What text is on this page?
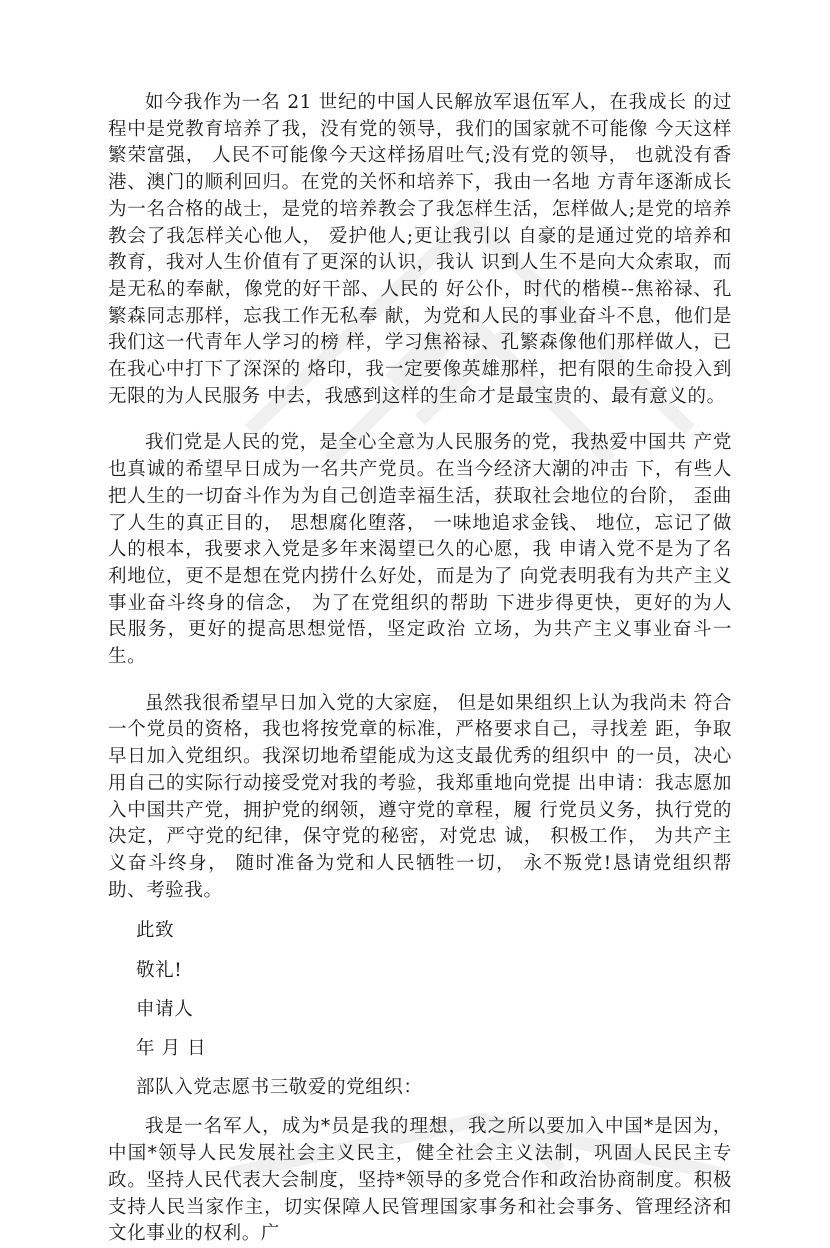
如今我作为一名 21 世纪的中国人民解放军退伍军人，在我成长 的过程中是党教育培养了我，没有党的领导，我们的国家就不可能像 今天这样繁荣富强， 人民不可能像今天这样扬眉吐气;没有党的领导， 也就没有香港、澳门的顺利回归。在党的关怀和培养下，我由一名地 方青年逐渐成长为一名合格的战士，是党的培养教会了我怎样生活，怎样做人;是党的培养教会了我怎样关心他人， 爱护他人;更让我引以 自豪的是通过党的培养和教育，我对人生价值有了更深的认识，我认 识到人生不是向大众索取，而是无私的奉献，像党的好干部、人民的 好公仆，时代的楷模--焦裕禄、孔繁森同志那样，忘我工作无私奉 献，为党和人民的事业奋斗不息，他们是我们这一代青年人学习的榜 样，学习焦裕禄、孔繁森像他们那样做人，已在我心中打下了深深的 烙印，我一定要像英雄那样，把有限的生命投入到无限的为人民服务 中去，我感到这样的生命才是最宝贵的、最有意义的。

我们党是人民的党，是全心全意为人民服务的党，我热爱中国共 产党也真诚的希望早日成为一名共产党员。在当今经济大潮的冲击 下，有些人把人生的一切奋斗作为为自己创造幸福生活，获取社会地位的台阶， 歪曲了人生的真正目的， 思想腐化堕落， 一味地追求金钱、 地位，忘记了做人的根本，我要求入党是多年来渴望已久的心愿，我 申请入党不是为了名利地位，更不是想在党内捞什么好处，而是为了 向党表明我有为共产主义事业奋斗终身的信念， 为了在党组织的帮助 下进步得更快，更好的为人民服务，更好的提高思想觉悟，坚定政治 立场，为共产主义事业奋斗一生。

虽然我很希望早日加入党的大家庭， 但是如果组织上认为我尚未 符合一个党员的资格，我也将按党章的标准，严格要求自己，寻找差 距，争取早日加入党组织。我深切地希望能成为这支最优秀的组织中 的一员，决心用自己的实际行动接受党对我的考验，我郑重地向党提 出申请：我志愿加入中国共产党，拥护党的纲领，遵守党的章程，履 行党员义务，执行党的决定，严守党的纪律，保守党的秘密，对党忠 诚， 积极工作， 为共产主义奋斗终身， 随时准备为党和人民牺牲一切， 永不叛党!恳请党组织帮助、考验我。

此致

敬礼!

申请人

年 月 日

部队入党志愿书三敬爱的党组织：

我是一名军人，成为*员是我的理想，我之所以要加入中国*是因为，中国*领导人民发展社会主义民主，健全社会主义法制，巩固人民民主专政。坚持人民代表大会制度，坚持*领导的多党合作和政治协商制度。积极支持人民当家作主，切实保障人民管理国家事务和社会事务、管理经济和文化事业的权利。广
